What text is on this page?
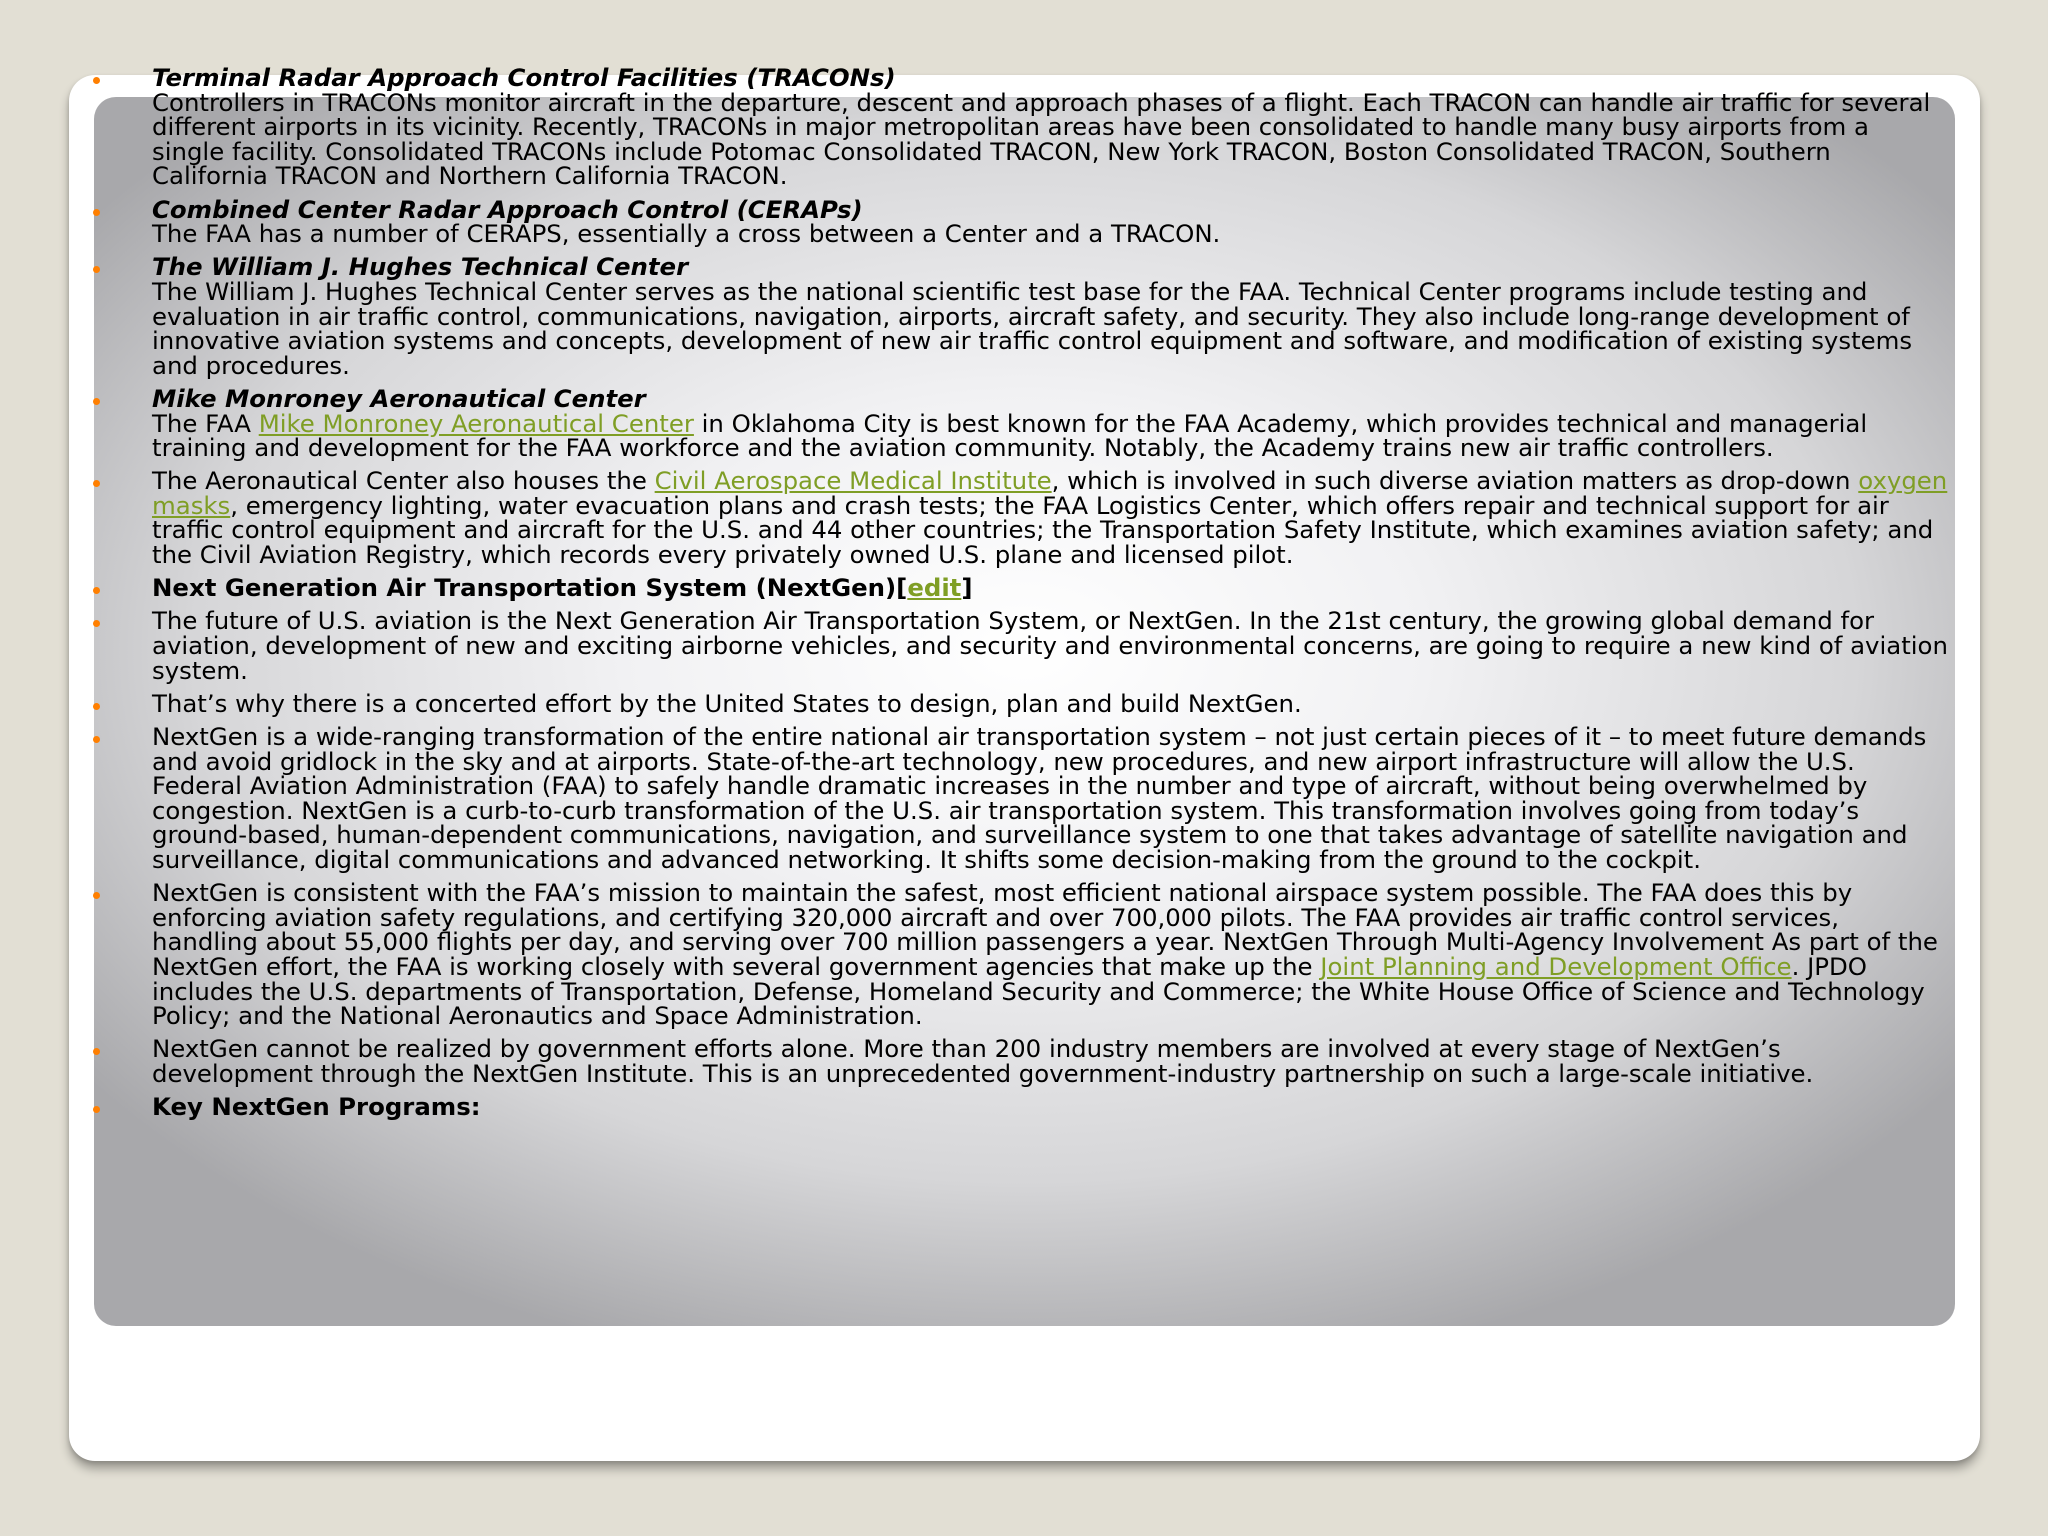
Terminal Radar Approach Control Facilities (TRACONs)
Controllers in TRACONs monitor aircraft in the departure, descent and approach phases of a flight. Each TRACON can handle air traffic for several different airports in its vicinity. Recently, TRACONs in major metropolitan areas have been consolidated to handle many busy airports from a single facility. Consolidated TRACONs include Potomac Consolidated TRACON, New York TRACON, Boston Consolidated TRACON, Southern California TRACON and Northern California TRACON.
Combined Center Radar Approach Control (CERAPs)
The FAA has a number of CERAPS, essentially a cross between a Center and a TRACON.
The William J. Hughes Technical Center
The William J. Hughes Technical Center serves as the national scientific test base for the FAA. Technical Center programs include testing and evaluation in air traffic control, communications, navigation, airports, aircraft safety, and security. They also include long-range development of innovative aviation systems and concepts, development of new air traffic control equipment and software, and modification of existing systems and procedures.
Mike Monroney Aeronautical Center
The FAA Mike Monroney Aeronautical Center in Oklahoma City is best known for the FAA Academy, which provides technical and managerial training and development for the FAA workforce and the aviation community. Notably, the Academy trains new air traffic controllers.
The Aeronautical Center also houses the Civil Aerospace Medical Institute, which is involved in such diverse aviation matters as drop-down oxygen masks, emergency lighting, water evacuation plans and crash tests; the FAA Logistics Center, which offers repair and technical support for air traffic control equipment and aircraft for the U.S. and 44 other countries; the Transportation Safety Institute, which examines aviation safety; and the Civil Aviation Registry, which records every privately owned U.S. plane and licensed pilot.
Next Generation Air Transportation System (NextGen)[edit]
The future of U.S. aviation is the Next Generation Air Transportation System, or NextGen. In the 21st century, the growing global demand for aviation, development of new and exciting airborne vehicles, and security and environmental concerns, are going to require a new kind of aviation system.
That’s why there is a concerted effort by the United States to design, plan and build NextGen.
NextGen is a wide-ranging transformation of the entire national air transportation system – not just certain pieces of it – to meet future demands and avoid gridlock in the sky and at airports. State-of-the-art technology, new procedures, and new airport infrastructure will allow the U.S. Federal Aviation Administration (FAA) to safely handle dramatic increases in the number and type of aircraft, without being overwhelmed by congestion. NextGen is a curb-to-curb transformation of the U.S. air transportation system. This transformation involves going from today’s ground-based, human-dependent communications, navigation, and surveillance system to one that takes advantage of satellite navigation and surveillance, digital communications and advanced networking. It shifts some decision-making from the ground to the cockpit.
NextGen is consistent with the FAA’s mission to maintain the safest, most efficient national airspace system possible. The FAA does this by enforcing aviation safety regulations, and certifying 320,000 aircraft and over 700,000 pilots. The FAA provides air traffic control services, handling about 55,000 flights per day, and serving over 700 million passengers a year. NextGen Through Multi-Agency Involvement As part of the NextGen effort, the FAA is working closely with several government agencies that make up the Joint Planning and Development Office. JPDO includes the U.S. departments of Transportation, Defense, Homeland Security and Commerce; the White House Office of Science and Technology Policy; and the National Aeronautics and Space Administration.
NextGen cannot be realized by government efforts alone. More than 200 industry members are involved at every stage of NextGen’s development through the NextGen Institute. This is an unprecedented government-industry partnership on such a large-scale initiative.
Key NextGen Programs:
